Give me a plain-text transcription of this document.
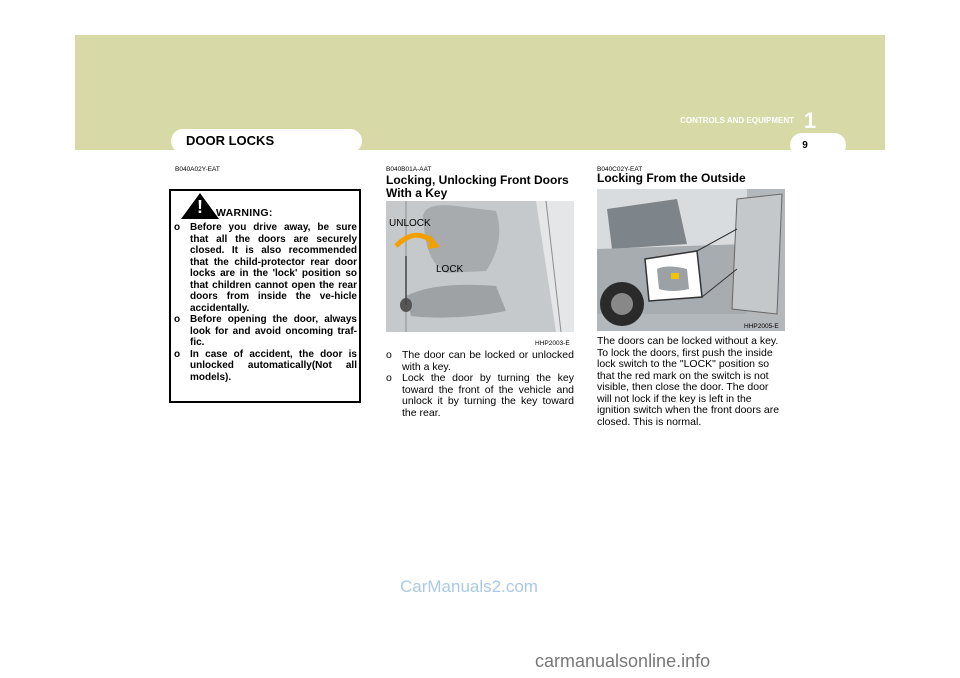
1
CONTROLS AND EQUIPMENT
9
DOOR LOCKS
B040A02Y-EAT
!	WARNING:
o Before you drive away, be sure that all the doors are securely closed. It is also recommended that the child-protector rear door locks are in the 'lock' position so that children cannot open the rear doors from inside the ve-hicle accidentally.
o Before opening the door, always look for and avoid oncoming traf-fic.
o In case of accident, the door is unlocked automatically(Not all models).
B040B01A-AAT
Locking, Unlocking Front Doors With a Key
UNLOCK
LOCK
HHP2003-E
o The door can be locked or unlocked with a key.
o Lock the door by turning the key toward the front of the vehicle and unlock it by turning the key toward the rear.
B040C02Y-EAT
Locking From the Outside
HHP2005-E
The doors can be locked without a key. To lock the doors, first push the inside lock switch to the "LOCK" position so that the red mark on the switch is not visible, then close the door. The door will not lock if the key is left in the ignition switch when the front doors are closed. This is normal.
CarManuals2.com
carmanualsonline.info
